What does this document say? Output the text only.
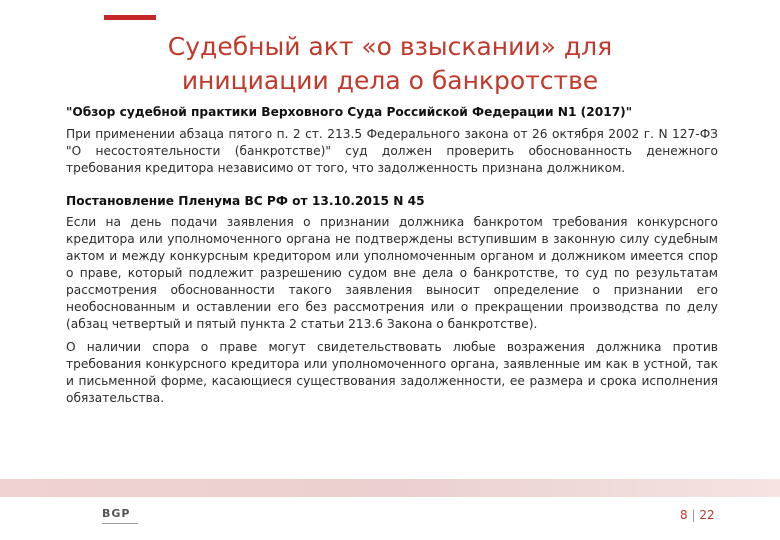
Судебный акт «о взыскании» для
инициации дела о банкротстве

"Обзор судебной практики Верховного Суда Российской Федерации N1 (2017)"

При применении абзаца пятого п. 2 ст. 213.5 Федерального закона от 26 октября 2002 г. N 127-ФЗ "О несостоятельности (банкротстве)" суд должен проверить обоснованность денежного требования кредитора независимо от того, что задолженность признана должником.

Постановление Пленума ВС РФ от 13.10.2015 N 45

Если на день подачи заявления о признании должника банкротом требования конкурсного кредитора или уполномоченного органа не подтверждены вступившим в законную силу судебным актом и между конкурсным кредитором или уполномоченным органом и должником имеется спор о праве, который подлежит разрешению судом вне дела о банкротстве, то суд по результатам рассмотрения обоснованности такого заявления выносит определение о признании его необоснованным и оставлении его без рассмотрения или о прекращении производства по делу (абзац четвертый и пятый пункта 2 статьи 213.6 Закона о банкротстве).

О наличии спора о праве могут свидетельствовать любые возражения должника против требования конкурсного кредитора или уполномоченного органа, заявленные им как в устной, так и письменной форме, касающиеся существования задолженности, ее размера и срока исполнения обязательства.

BGP	8 | 22
